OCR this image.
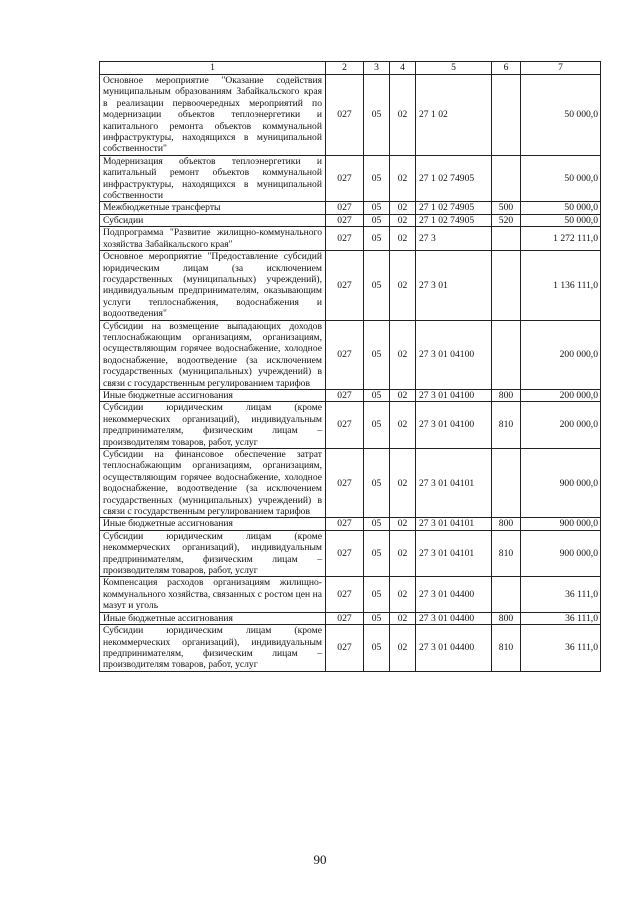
1	2	3	4	5	6	7
Основное мероприятие "Оказание содействия муниципальным образованиям Забайкальского края в реализации первоочередных мероприятий по модернизации объектов теплоэнергетики и капитального ремонта объектов коммунальной инфраструктуры, находящихся в муниципальной собственности"	027	05	02	27 1 02		50 000,0
Модернизация объектов теплоэнергетики и капитальный ремонт объектов коммунальной инфраструктуры, находящихся в муниципальной собственности	027	05	02	27 1 02 74905		50 000,0
Межбюджетные трансферты	027	05	02	27 1 02 74905	500	50 000,0
Субсидии	027	05	02	27 1 02 74905	520	50 000,0
Подпрограмма "Развитие жилищно-коммунального хозяйства Забайкальского края"	027	05	02	27 3		1 272 111,0
Основное мероприятие "Предоставление субсидий юридическим лицам (за исключением государственных (муниципальных) учреждений), индивидуальным предпринимателям, оказывающим услуги теплоснабжения, водоснабжения и водоотведения"	027	05	02	27 3 01		1 136 111,0
Субсидии на возмещение выпадающих доходов теплоснабжающим организациям, организациям, осуществляющим горячее водоснабжение, холодное водоснабжение, водоотведение (за исключением государственных (муниципальных) учреждений) в связи с государственным регулированием тарифов	027	05	02	27 3 01 04100		200 000,0
Иные бюджетные ассигнования	027	05	02	27 3 01 04100	800	200 000,0
Субсидии юридическим лицам (кроме некоммерческих организаций), индивидуальным предпринимателям, физическим лицам – производителям товаров, работ, услуг	027	05	02	27 3 01 04100	810	200 000,0
Субсидии на финансовое обеспечение затрат теплоснабжающим организациям, организациям, осуществляющим горячее водоснабжение, холодное водоснабжение, водоотведение (за исключением государственных (муниципальных) учреждений) в связи с государственным регулированием тарифов	027	05	02	27 3 01 04101		900 000,0
Иные бюджетные ассигнования	027	05	02	27 3 01 04101	800	900 000,0
Субсидии юридическим лицам (кроме некоммерческих организаций), индивидуальным предпринимателям, физическим лицам – производителям товаров, работ, услуг	027	05	02	27 3 01 04101	810	900 000,0
Компенсация расходов организациям жилищно-коммунального хозяйства, связанных с ростом цен на мазут и уголь	027	05	02	27 3 01 04400		36 111,0
Иные бюджетные ассигнования	027	05	02	27 3 01 04400	800	36 111,0
Субсидии юридическим лицам (кроме некоммерческих организаций), индивидуальным предпринимателям, физическим лицам – производителям товаров, работ, услуг	027	05	02	27 3 01 04400	810	36 111,0
90
